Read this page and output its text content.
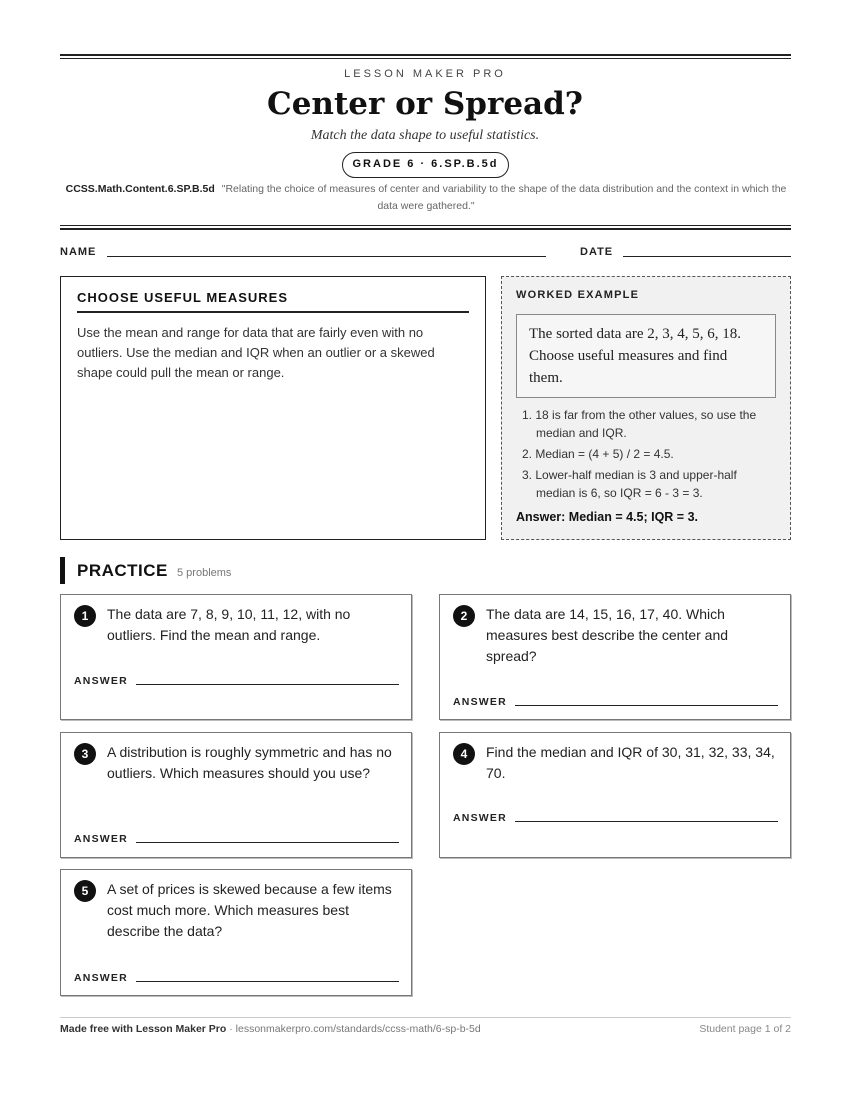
LESSON MAKER PRO
Center or Spread?
Match the data shape to useful statistics.
GRADE 6 · 6.SP.B.5d
CCSS.Math.Content.6.SP.B.5d "Relating the choice of measures of center and variability to the shape of the data distribution and the context in which the data were gathered."
NAME	DATE
CHOOSE USEFUL MEASURES

Use the mean and range for data that are fairly even with no outliers. Use the median and IQR when an outlier or a skewed shape could pull the mean or range.

WORKED EXAMPLE
The sorted data are 2, 3, 4, 5, 6, 18. Choose useful measures and find them.
1. 18 is far from the other values, so use the median and IQR.
2. Median = (4 + 5) / 2 = 4.5.
3. Lower-half median is 3 and upper-half median is 6, so IQR = 6 - 3 = 3.
Answer: Median = 4.5; IQR = 3.
PRACTICE 5 problems
1	The data are 7, 8, 9, 10, 11, 12, with no outliers. Find the mean and range.
ANSWER
2	The data are 14, 15, 16, 17, 40. Which measures best describe the center and spread?
ANSWER
3	A distribution is roughly symmetric and has no outliers. Which measures should you use?
ANSWER
4	Find the median and IQR of 30, 31, 32, 33, 34, 70.
ANSWER
5	A set of prices is skewed because a few items cost much more. Which measures best describe the data?
ANSWER
Made free with Lesson Maker Pro · lessonmakerpro.com/standards/ccss-math/6-sp-b-5d	Student page 1 of 2
